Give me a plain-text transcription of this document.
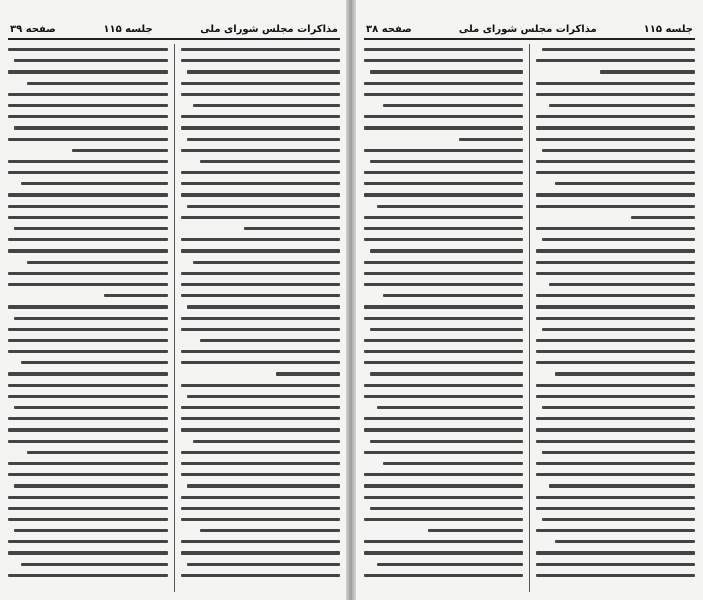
مذاکرات مجلس شورای ملی
جلسه ۱۱۵
صفحه ۳۹	جلسه ۱۱۵
مذاکرات مجلس شورای ملی
صفحه ۳۸
